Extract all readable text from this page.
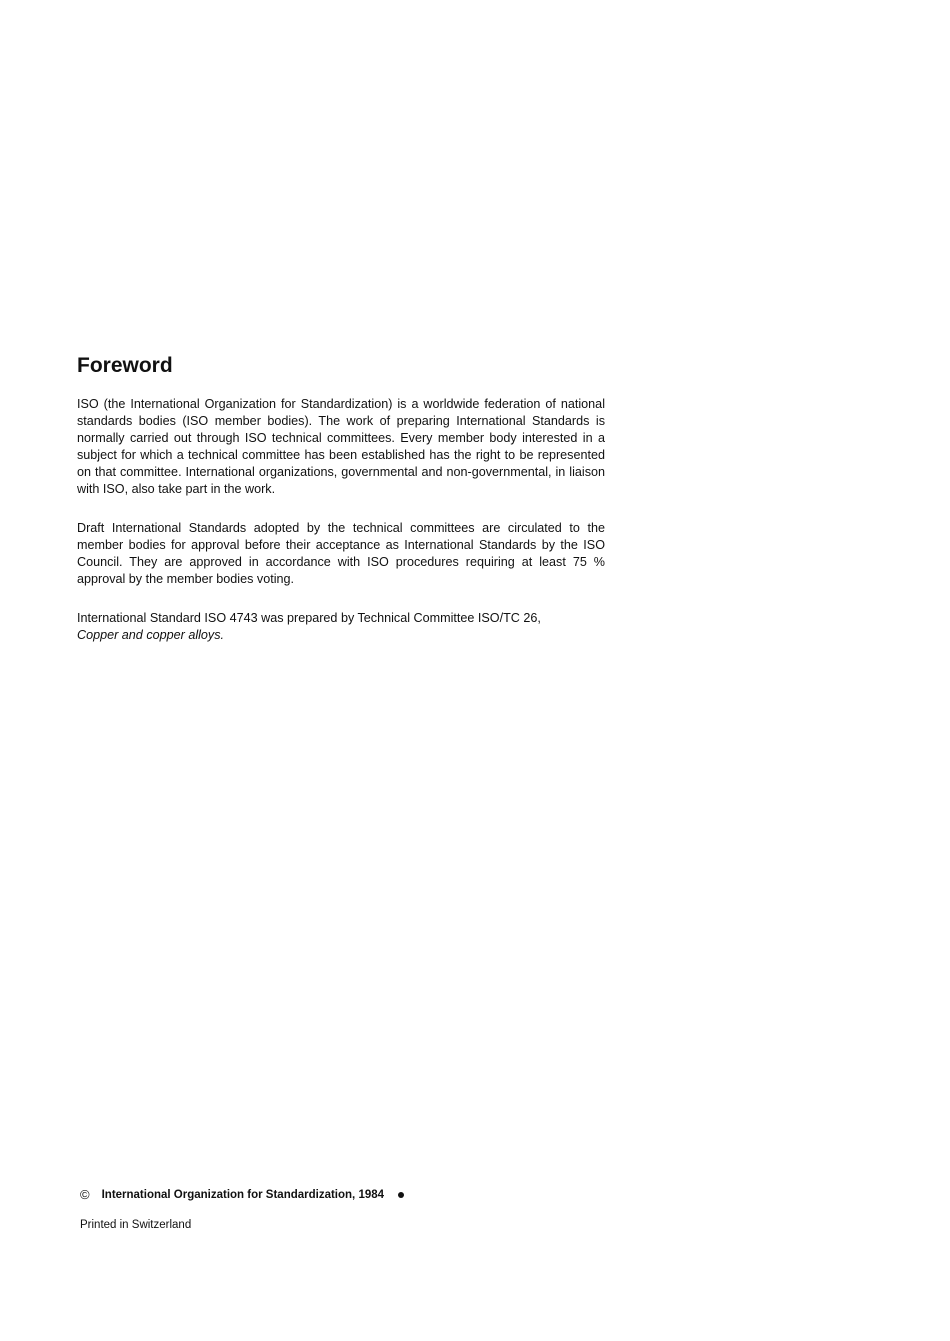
Foreword

ISO (the International Organization for Standardization) is a worldwide federation of national standards bodies (ISO member bodies). The work of preparing International Standards is normally carried out through ISO technical committees. Every member body interested in a subject for which a technical committee has been established has the right to be represented on that committee. International organizations, governmental and non-governmental, in liaison with ISO, also take part in the work.

Draft International Standards adopted by the technical committees are circulated to the member bodies for approval before their acceptance as International Standards by the ISO Council. They are approved in accordance with ISO procedures requiring at least 75 % approval by the member bodies voting.

International Standard ISO 4743 was prepared by Technical Committee ISO/TC 26,
Copper and copper alloys.

© International Organization for Standardization, 1984
Printed in Switzerland
